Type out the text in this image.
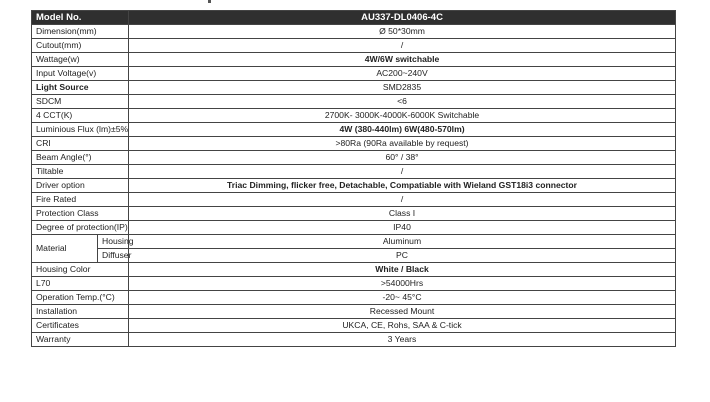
Model No.		AU337-DL0406-4C
Dimension(mm)		Ø 50*30mm
Cutout(mm)		/
Wattage(w)		4W/6W switchable
Input Voltage(v)		AC200~240V
Light Source		SMD2835
SDCM		<6
4 CCT(K)		2700K- 3000K-4000K-6000K Switchable
Luminious Flux (lm)±5%		4W (380-440lm) 6W(480-570lm)
CRI		>80Ra (90Ra available by request)
Beam Angle(°)		60° / 38°
Tiltable		/
Driver option		Triac Dimming, flicker free, Detachable, Compatiable with Wieland GST18i3 connector
Fire Rated		/
Protection Class		Class I
Degree of protection(IP)		IP40
Material	Housing	Aluminum
	Diffuser	PC
Housing Color		White / Black
L70		>54000Hrs
Operation Temp.(°C)		-20~ 45°C
Installation		Recessed Mount
Certificates		UKCA, CE, Rohs, SAA & C-tick
Warranty		3 Years
